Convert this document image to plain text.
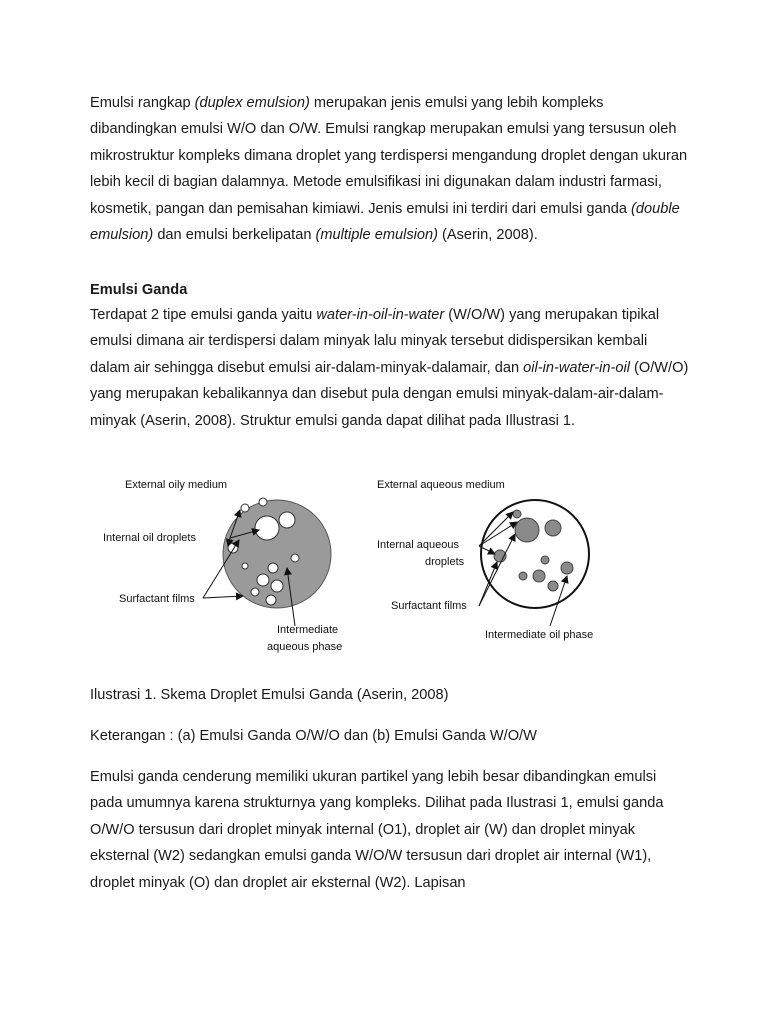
Emulsi rangkap (duplex emulsion) merupakan jenis emulsi yang lebih kompleks dibandingkan emulsi W/O dan O/W. Emulsi rangkap merupakan emulsi yang tersusun oleh mikrostruktur kompleks dimana droplet yang terdispersi mengandung droplet dengan ukuran lebih kecil di bagian dalamnya. Metode emulsifikasi ini digunakan dalam industri farmasi, kosmetik, pangan dan pemisahan kimiawi. Jenis emulsi ini terdiri dari emulsi ganda (double emulsion) dan emulsi berkelipatan (multiple emulsion) (Aserin, 2008).
Emulsi Ganda
Terdapat 2 tipe emulsi ganda yaitu water-in-oil-in-water (W/O/W) yang merupakan tipikal emulsi dimana air terdispersi dalam minyak lalu minyak tersebut didispersikan kembali dalam air sehingga disebut emulsi air-dalam-minyak-dalamair, dan oil-in-water-in-oil (O/W/O) yang merupakan kebalikannya dan disebut pula dengan emulsi minyak-dalam-air-dalam-minyak (Aserin, 2008). Struktur emulsi ganda dapat dilihat pada Illustrasi 1.
External oily medium
Internal oil droplets
Surfactant films
Intermediate
aqueous phase
External aqueous medium
Internal aqueous
droplets
Surfactant films
Intermediate oil phase
Ilustrasi 1. Skema Droplet Emulsi Ganda (Aserin, 2008)
Keterangan : (a) Emulsi Ganda O/W/O dan (b) Emulsi Ganda W/O/W
Emulsi ganda cenderung memiliki ukuran partikel yang lebih besar dibandingkan emulsi pada umumnya karena strukturnya yang kompleks. Dilihat pada Ilustrasi 1, emulsi ganda O/W/O tersusun dari droplet minyak internal (O1), droplet air (W) dan droplet minyak eksternal (W2) sedangkan emulsi ganda W/O/W tersusun dari droplet air internal (W1), droplet minyak (O) dan droplet air eksternal (W2). Lapisan
